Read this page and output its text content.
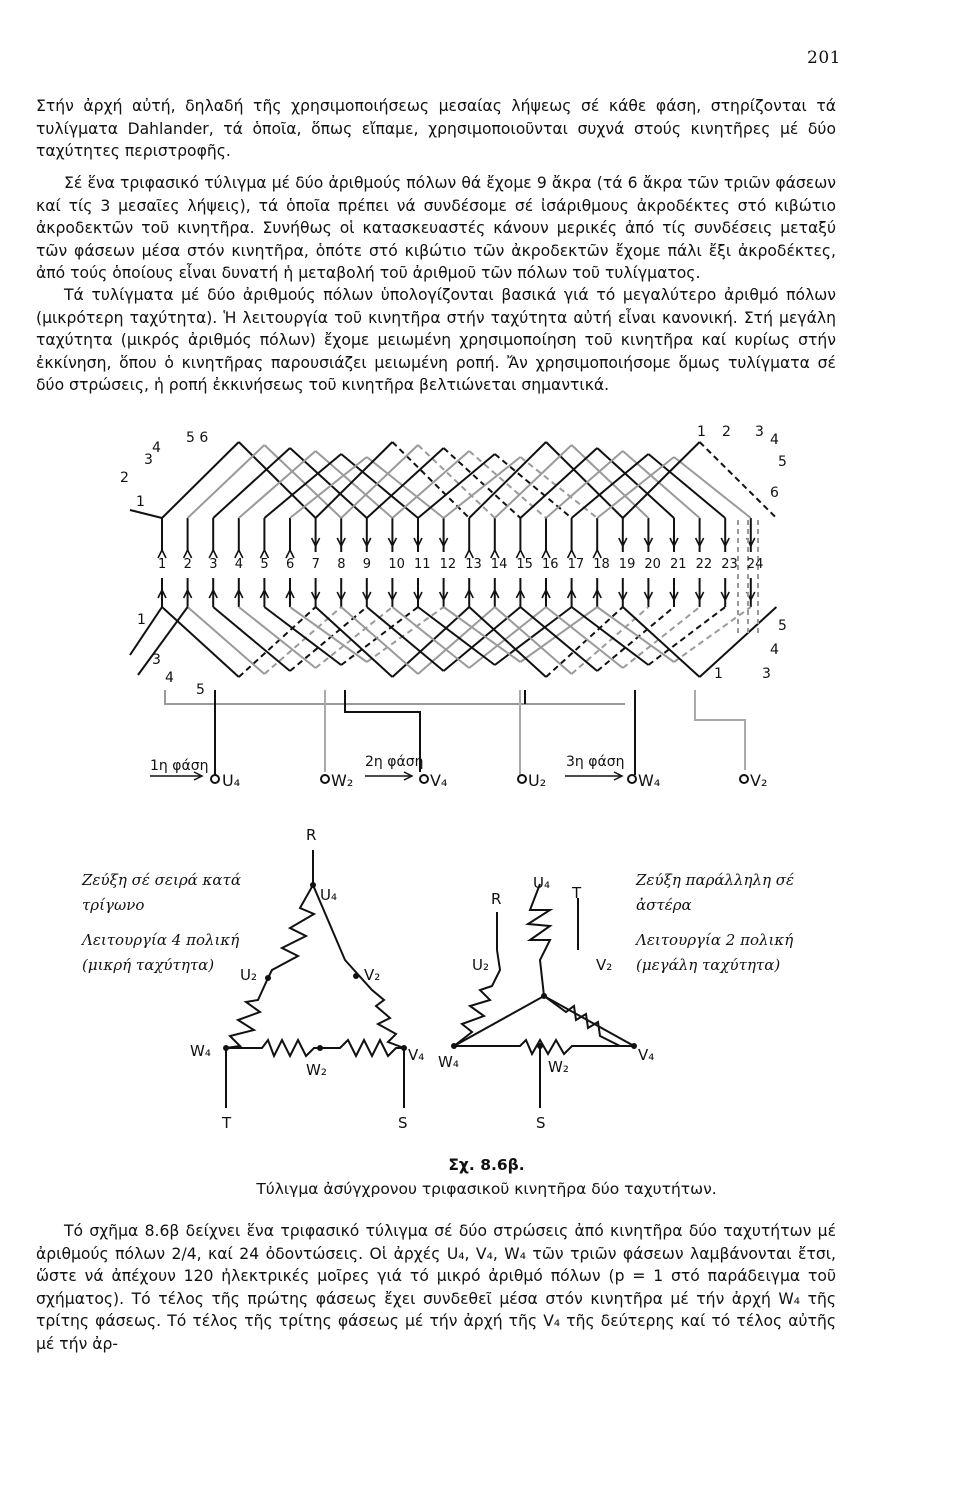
201

Στήν ἀρχή αὐτή, δηλαδή τῆς χρησιμοποιήσεως μεσαίας λήψεως σέ κάθε φάση, στηρίζονται τά τυλίγματα Dahlander, τά ὁποῖα, ὅπως εἴπαμε, χρησιμοποιοῦνται συχνά στούς κινητῆρες μέ δύο ταχύτητες περιστροφῆς.

Σέ ἕνα τριφασικό τύλιγμα μέ δύο ἀριθμούς πόλων θά ἔχομε 9 ἄκρα (τά 6 ἄκρα τῶν τριῶν φάσεων καί τίς 3 μεσαῖες λήψεις), τά ὁποῖα πρέπει νά συνδέσομε σέ ἰσάριθμους ἀκροδέκτες στό κιβώτιο ἀκροδεκτῶν τοῦ κινητῆρα. Συνήθως οἱ κατασκευαστές κάνουν μερικές ἀπό τίς συνδέσεις μεταξύ τῶν φάσεων μέσα στόν κινητῆρα, ὁπότε στό κιβώτιο τῶν ἀκροδεκτῶν ἔχομε πάλι ἔξι ἀκροδέκτες, ἀπό τούς ὁποίους εἶναι δυνατή ἡ μεταβολή τοῦ ἀριθμοῦ τῶν πόλων τοῦ τυλίγματος.

Τά τυλίγματα μέ δύο ἀριθμούς πόλων ὑπολογίζονται βασικά γιά τό μεγαλύτερο ἀριθμό πόλων (μικρότερη ταχύτητα). Ἡ λειτουργία τοῦ κινητῆρα στήν ταχύτητα αὐτή εἶναι κανονική. Στή μεγάλη ταχύτητα (μικρός ἀριθμός πόλων) ἔχομε μειωμένη χρησιμοποίηση τοῦ κινητῆρα καί κυρίως στήν ἐκκίνηση, ὅπου ὁ κινητῆρας παρουσιάζει μειωμένη ροπή. Ἄν χρησιμοποιήσομε ὅμως τυλίγματα σέ δύο στρώσεις, ἡ ροπή ἐκκινήσεως τοῦ κινητῆρα βελτιώνεται σημαντικά.

4
5 6
3
2
1
1 2 3 4
5
6
1 2 3 4 5 6 7 8 9 10 11 12 13 14 15 16 17 18 19 20 21 22 23 24
1
3
4
5
5
4
1	3
1η φάση	2η φάση	3η φάση
U₄	W₂	V₄	U₂	W₄	V₂
R
U₄
U₂	V₂
W₄
W₂
V₄
T	S
R
U₄
T
U₂	V₂
W₄	W₂
V₄
S
Ζεύξη σέ σειρά κατά τρίγωνο
Λειτουργία 4 πολική (μικρή ταχύτητα)
Ζεύξη παράλληλη σέ ἀστέρα
Λειτουργία 2 πολική (μεγάλη ταχύτητα)
Σχ. 8.6β.
Τύλιγμα ἀσύγχρονου τριφασικοῦ κινητῆρα δύο ταχυτήτων.

Τό σχῆμα 8.6β δείχνει ἕνα τριφασικό τύλιγμα σέ δύο στρώσεις ἀπό κινητῆρα δύο ταχυτήτων μέ ἀριθμούς πόλων 2/4, καί 24 ὀδοντώσεις. Οἱ ἀρχές U₄, V₄, W₄ τῶν τριῶν φάσεων λαμβάνονται ἔτσι, ὥστε νά ἀπέχουν 120 ἠλεκτρικές μοῖρες γιά τό μικρό ἀριθμό πόλων (p = 1 στό παράδειγμα τοῦ σχήματος). Τό τέλος τῆς πρώτης φάσεως ἔχει συνδεθεῖ μέσα στόν κινητῆρα μέ τήν ἀρχή W₄ τῆς τρίτης φάσεως. Τό τέλος τῆς τρίτης φάσεως μέ τήν ἀρχή τῆς V₄ τῆς δεύτερης καί τό τέλος αὐτῆς μέ τήν ἀρ-
